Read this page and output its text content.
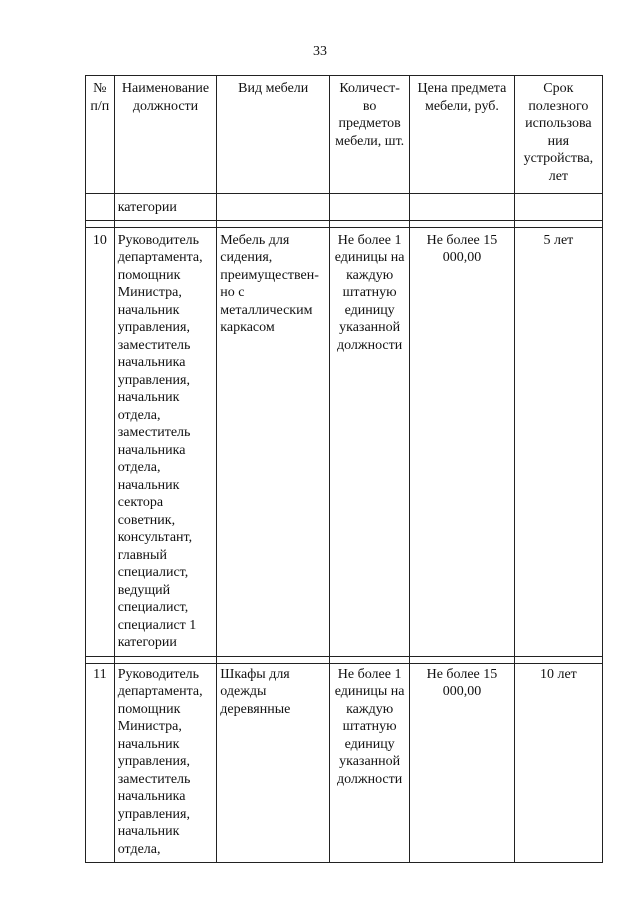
33
№ п/п	Наименование должности	Вид мебели	Количест-во предметов мебели, шт.	Цена предмета мебели, руб.	Срок полезного использова ния устройства, лет
	категории				

10	Руководитель департамента, помощник Министра, начальник управления, заместитель начальника управления, начальник отдела, заместитель начальника отдела, начальник сектора советник, консультант, главный специалист, ведущий специалист, специалист 1 категории	Мебель для сидения, преимуществен-но с металлическим каркасом	Не более 1 единицы на каждую штатную единицу указанной должности	Не более 15 000,00	5 лет

11	Руководитель департамента, помощник Министра, начальник управления, заместитель начальника управления, начальник отдела,	Шкафы для одежды деревянные	Не более 1 единицы на каждую штатную единицу указанной должности	Не более 15 000,00	10 лет
